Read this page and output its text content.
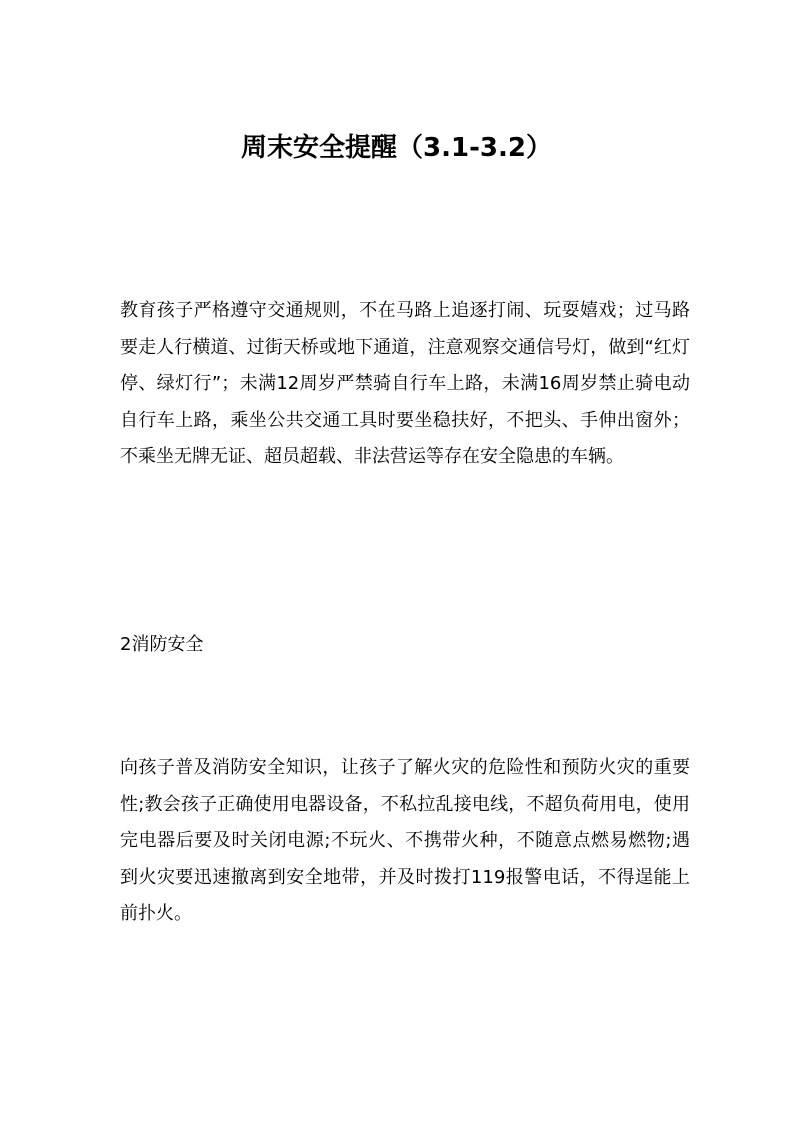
周末安全提醒（3.1-3.2）

教育孩子严格遵守交通规则，不在马路上追逐打闹、玩耍嬉戏；过马路要走人行横道、过街天桥或地下通道，注意观察交通信号灯，做到“红灯停、绿灯行”；未满12周岁严禁骑自行车上路，未满16周岁禁止骑电动自行车上路，乘坐公共交通工具时要坐稳扶好，不把头、手伸出窗外；不乘坐无牌无证、超员超载、非法营运等存在安全隐患的车辆。

2消防安全

向孩子普及消防安全知识，让孩子了解火灾的危险性和预防火灾的重要性;教会孩子正确使用电器设备，不私拉乱接电线，不超负荷用电，使用完电器后要及时关闭电源;不玩火、不携带火种，不随意点燃易燃物;遇到火灾要迅速撤离到安全地带，并及时拨打119报警电话，不得逞能上前扑火。
